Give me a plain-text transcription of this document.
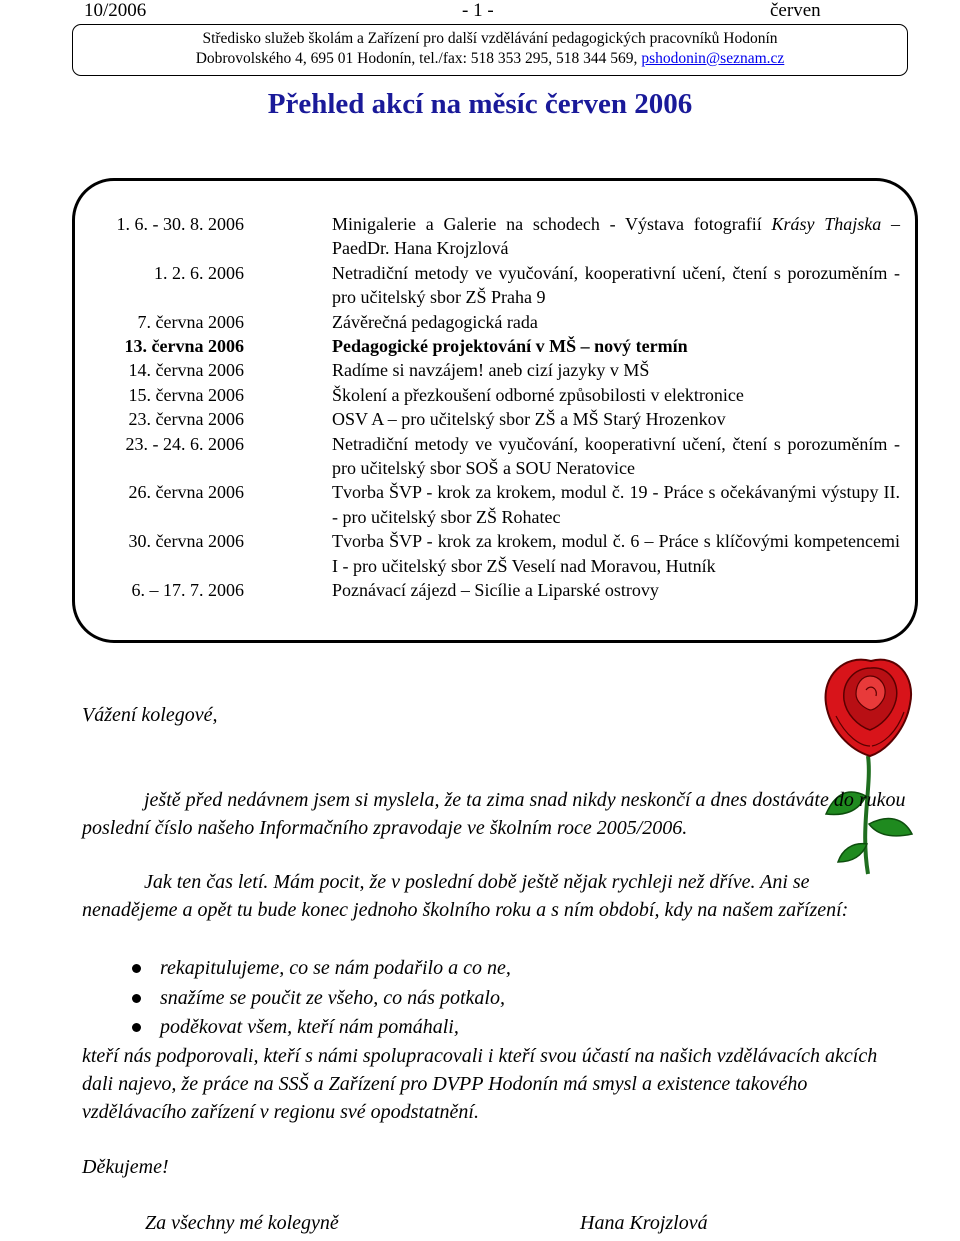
10/2006	- 1 -	červen
Středisko služeb školám a Zařízení pro další vzdělávání pedagogických pracovníků Hodonín
Dobrovolského 4, 695 01 Hodonín, tel./fax: 518 353 295, 518 344 569, pshodonin@seznam.cz
Přehled akcí na měsíc červen 2006
1. 6. - 30. 8. 2006	Minigalerie a Galerie na schodech - Výstava fotografií Krásy Thajska – PaedDr. Hana Krojzlová
1. 2. 6. 2006	Netradiční metody ve vyučování, kooperativní učení, čtení s porozuměním - pro učitelský sbor ZŠ Praha 9
7. června 2006	Závěrečná pedagogická rada
13. června 2006	Pedagogické projektování v MŠ – nový termín
14. června 2006	Radíme si navzájem! aneb cizí jazyky v MŠ
15. června 2006	Školení a přezkoušení odborné způsobilosti v elektronice
23. června 2006	OSV A – pro učitelský sbor ZŠ a MŠ Starý Hrozenkov
23. - 24. 6. 2006	Netradiční metody ve vyučování, kooperativní učení, čtení s porozuměním - pro učitelský sbor SOŠ a SOU Neratovice
26. června 2006	Tvorba ŠVP - krok za krokem, modul č. 19 - Práce s očekávanými výstupy II. - pro učitelský sbor ZŠ Rohatec
30. června 2006	Tvorba ŠVP - krok za krokem, modul č. 6 – Práce s klíčovými kompetencemi I - pro učitelský sbor ZŠ Veselí nad Moravou, Hutník
6. – 17. 7. 2006	Poznávací zájezd – Sicílie a Liparské ostrovy
Vážení kolegové,
ještě před nedávnem jsem si myslela, že ta zima snad nikdy neskončí a dnes dostáváte do rukou poslední číslo našeho Informačního zpravodaje ve školním roce 2005/2006.
Jak ten čas letí. Mám pocit, že v poslední době ještě nějak rychleji než dříve. Ani se nenadějeme a opět tu bude konec jednoho školního roku a s ním období, kdy na našem zařízení:
rekapitulujeme, co se nám podařilo a co ne,
snažíme se poučit ze všeho, co nás potkalo,
poděkovat všem, kteří nám pomáhali,
kteří nás podporovali, kteří s námi spolupracovali i kteří svou účastí na našich vzdělávacích akcích dali najevo, že práce na SSŠ a Zařízení pro DVPP Hodonín má smysl a existence takového vzdělávacího zařízení v regionu své opodstatnění.
Děkujeme!
Za všechny mé kolegyně	Hana Krojzlová
